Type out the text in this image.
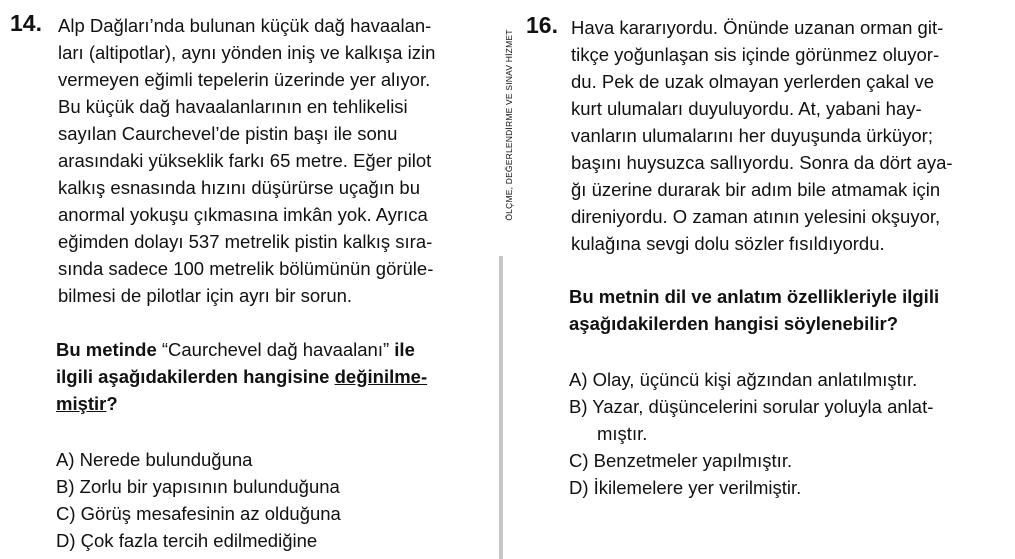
14. Alp Dağları’nda bulunan küçük dağ havaalan-
ları (altipotlar), aynı yönden iniş ve kalkışa izin
vermeyen eğimli tepelerin üzerinde yer alıyor.
Bu küçük dağ havaalanlarının en tehlikelisi
sayılan Caurchevel’de pistin başı ile sonu
arasındaki yükseklik farkı 65 metre. Eğer pilot
kalkış esnasında hızını düşürürse uçağın bu
anormal yokuşu çıkmasına imkân yok. Ayrıca
eğimden dolayı 537 metrelik pistin kalkış sıra-
sında sadece 100 metrelik bölümünün görüle-
bilmesi de pilotlar için ayrı bir sorun.
Bu metinde “Caurchevel dağ havaalanı” ile
ilgili aşağıdakilerden hangisine değinilme-
miştir?
A) Nerede bulunduğuna
B) Zorlu bir yapısının bulunduğuna
C) Görüş mesafesinin az olduğuna
D) Çok fazla tercih edilmediğine
ÖLÇME, DEĞERLENDİRME VE SINAV HİZMET
16. Hava kararıyordu. Önünde uzanan orman git-
tikçe yoğunlaşan sis içinde görünmez oluyor-
du. Pek de uzak olmayan yerlerden çakal ve
kurt ulumaları duyuluyordu. At, yabani hay-
vanların ulumalarını her duyuşunda ürküyor;
başını huysuzca sallıyordu. Sonra da dört aya-
ğı üzerine durarak bir adım bile atmamak için
direniyordu. O zaman atının yelesini okşuyor,
kulağına sevgi dolu sözler fısıldıyordu.
Bu metnin dil ve anlatım özellikleriyle ilgili
aşağıdakilerden hangisi söylenebilir?
A) Olay, üçüncü kişi ağzından anlatılmıştır.
B) Yazar, düşüncelerini sorular yoluyla anlat-
mıştır.
C) Benzetmeler yapılmıştır.
D) İkilemelere yer verilmiştir.
